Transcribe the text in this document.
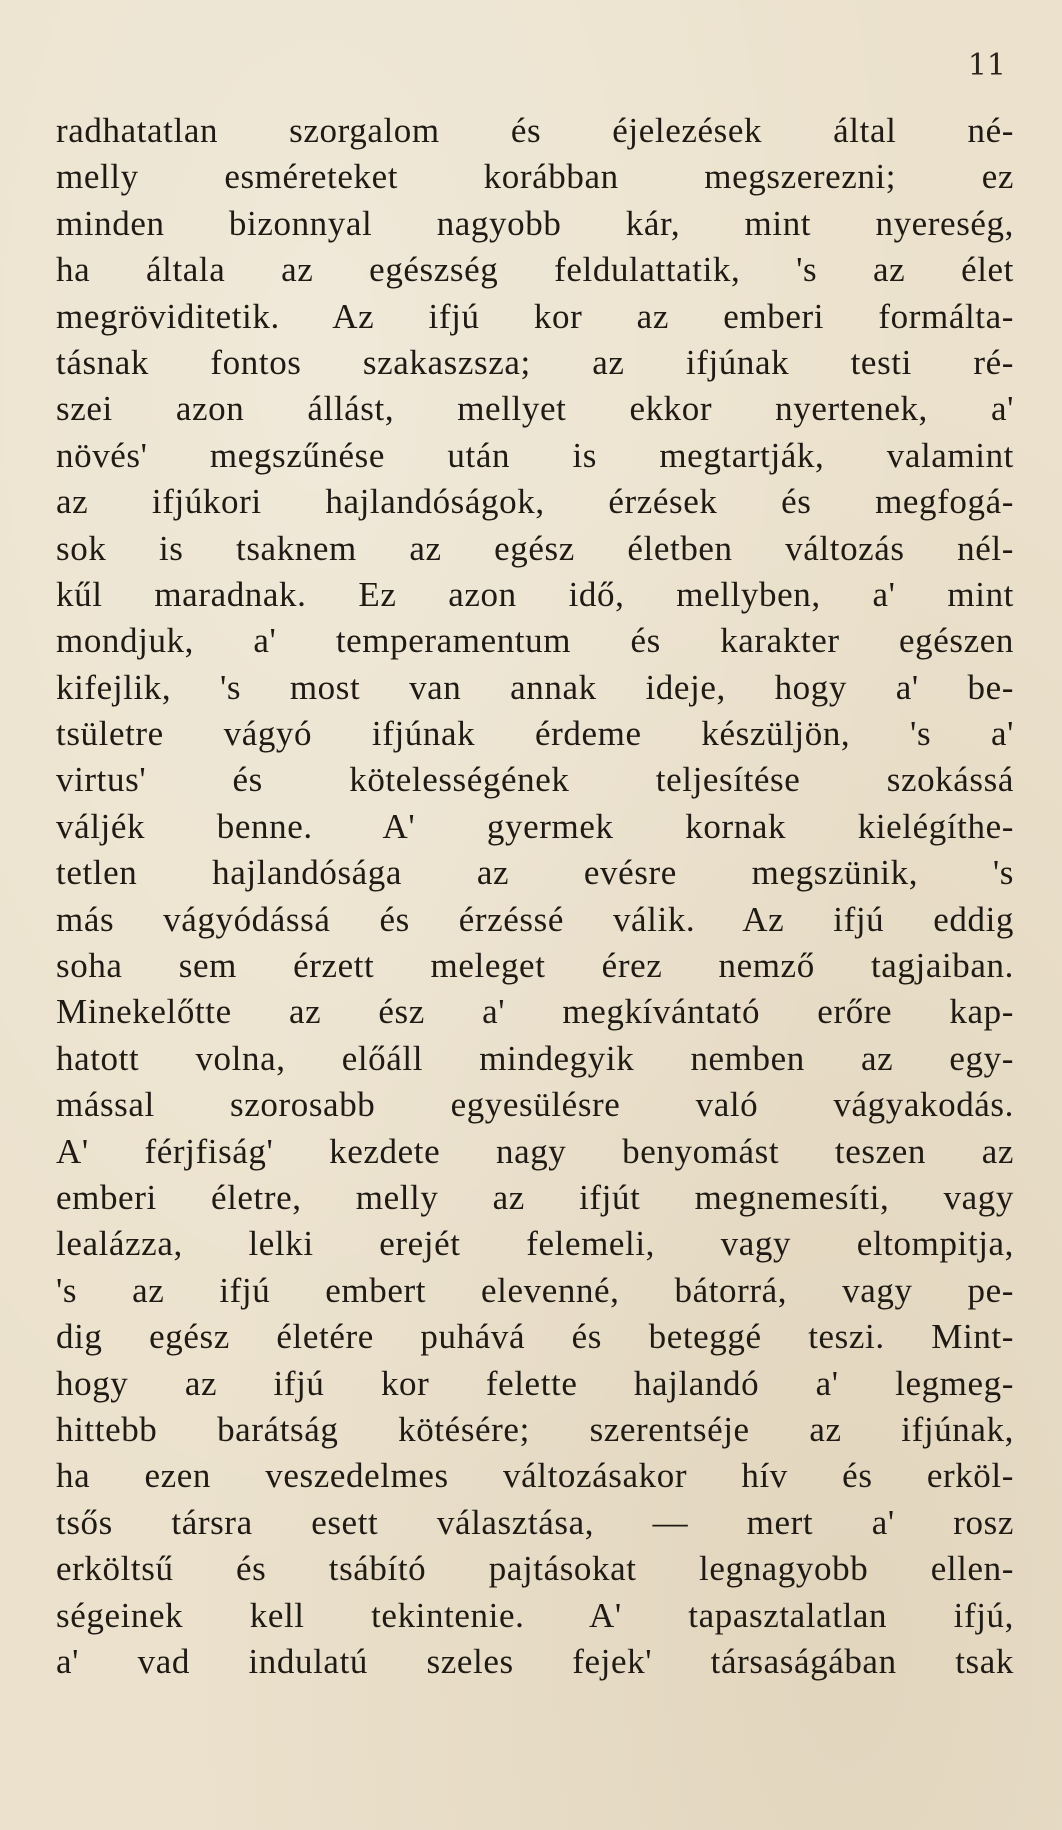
11
radhatatlan szorgalom és éjelezések által né-
melly esméreteket korábban megszerezni; ez
minden bizonnyal nagyobb kár, mint nyereség,
ha általa az egészség feldulattatik, 's az élet
megröviditetik. Az ifjú kor az emberi formálta-
tásnak fontos szakaszsza; az ifjúnak testi ré-
szei azon állást, mellyet ekkor nyertenek, a'
növés' megszűnése után is megtartják, valamint
az ifjúkori hajlandóságok, érzések és megfogá-
sok is tsaknem az egész életben változás nél-
kűl maradnak. Ez azon idő, mellyben, a' mint
mondjuk, a' temperamentum és karakter egészen
kifejlik, 's most van annak ideje, hogy a' be-
tsületre vágyó ifjúnak érdeme készüljön, 's a'
virtus' és kötelességének teljesítése szokássá
váljék benne. A' gyermek kornak kielégíthe-
tetlen hajlandósága az evésre megszünik, 's
más vágyódássá és érzéssé válik. Az ifjú eddig
soha sem érzett meleget érez nemző tagjaiban.
Minekelőtte az ész a' megkívántató erőre kap-
hatott volna, előáll mindegyik nemben az egy-
mással szorosabb egyesülésre való vágyakodás.
A' férjfiság' kezdete nagy benyomást teszen az
emberi életre, melly az ifjút megnemesíti, vagy
lealázza, lelki erejét felemeli, vagy eltompitja,
's az ifjú embert elevenné, bátorrá, vagy pe-
dig egész életére puhává és beteggé teszi. Mint-
hogy az ifjú kor felette hajlandó a' legmeg-
hittebb barátság kötésére; szerentséje az ifjúnak,
ha ezen veszedelmes változásakor hív és erköl-
tsős társra esett választása, — mert a' rosz
erköltsű és tsábító pajtásokat legnagyobb ellen-
ségeinek kell tekintenie. A' tapasztalatlan ifjú,
a' vad indulatú szeles fejek' társaságában tsak
